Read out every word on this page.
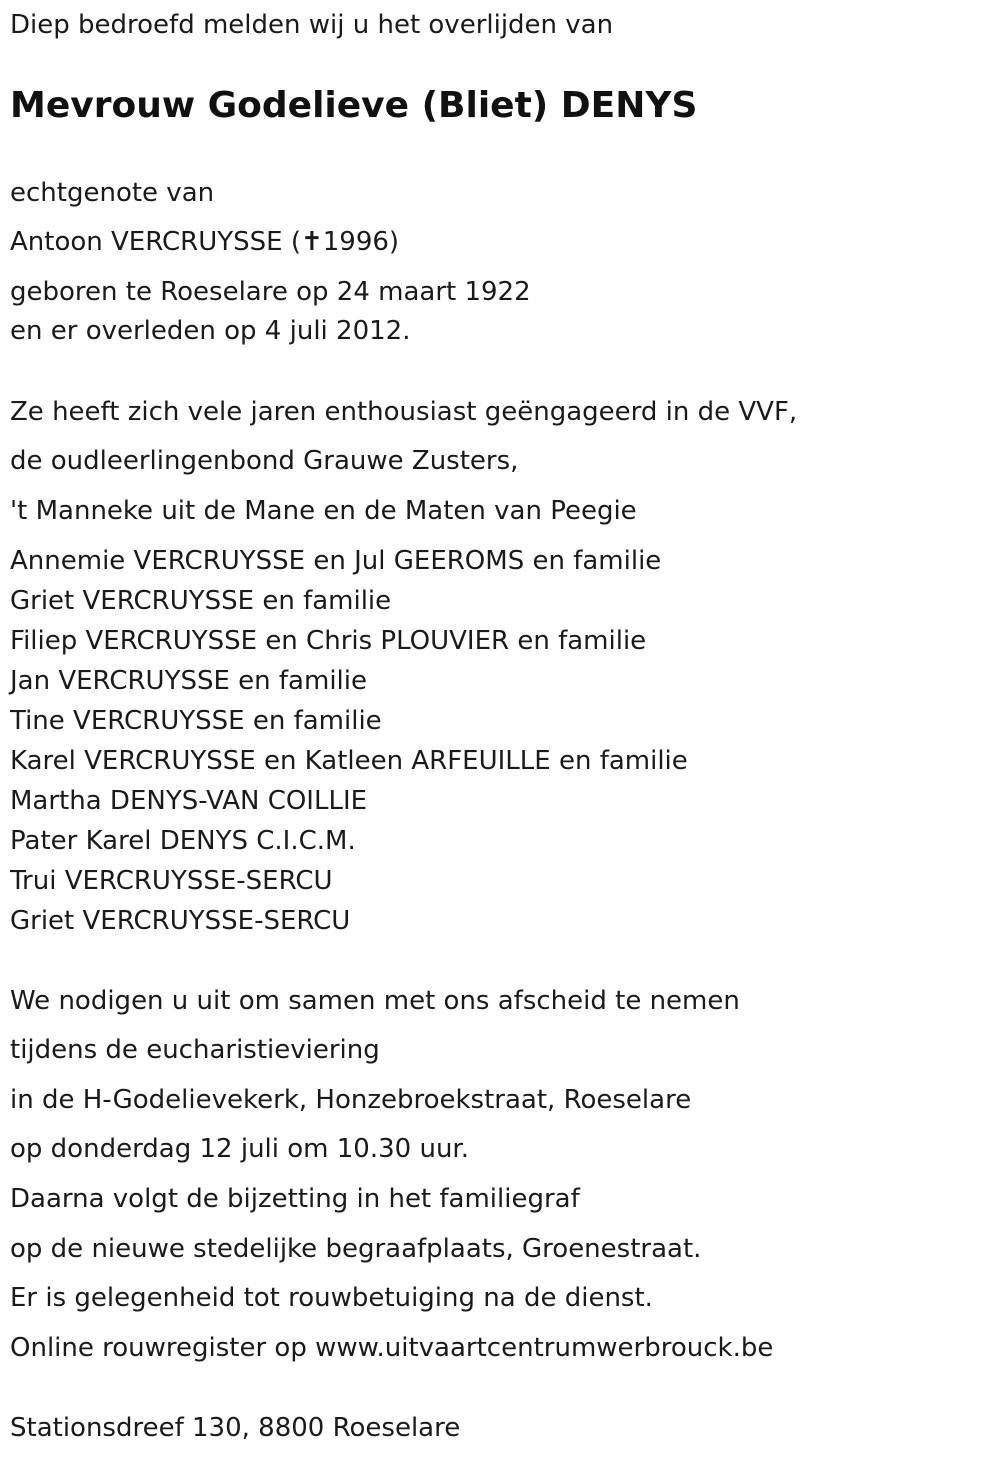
Diep bedroefd melden wij u het overlijden van
Mevrouw Godelieve (Bliet) DENYS
echtgenote van
Antoon VERCRUYSSE (✝1996)
geboren te Roeselare op 24 maart 1922
en er overleden op 4 juli 2012.
Ze heeft zich vele jaren enthousiast geëngageerd in de VVF,
de oudleerlingenbond Grauwe Zusters,
't Manneke uit de Mane en de Maten van Peegie
Annemie VERCRUYSSE en Jul GEEROMS en familie
Griet VERCRUYSSE en familie
Filiep VERCRUYSSE en Chris PLOUVIER en familie
Jan VERCRUYSSE en familie
Tine VERCRUYSSE en familie
Karel VERCRUYSSE en Katleen ARFEUILLE en familie
Martha DENYS-VAN COILLIE
Pater Karel DENYS C.I.C.M.
Trui VERCRUYSSE-SERCU
Griet VERCRUYSSE-SERCU
We nodigen u uit om samen met ons afscheid te nemen
tijdens de eucharistieviering
in de H-Godelievekerk, Honzebroekstraat, Roeselare
op donderdag 12 juli om 10.30 uur.
Daarna volgt de bijzetting in het familiegraf
op de nieuwe stedelijke begraafplaats, Groenestraat.
Er is gelegenheid tot rouwbetuiging na de dienst.
Online rouwregister op www.uitvaartcentrumwerbrouck.be
Stationsdreef 130, 8800 Roeselare
